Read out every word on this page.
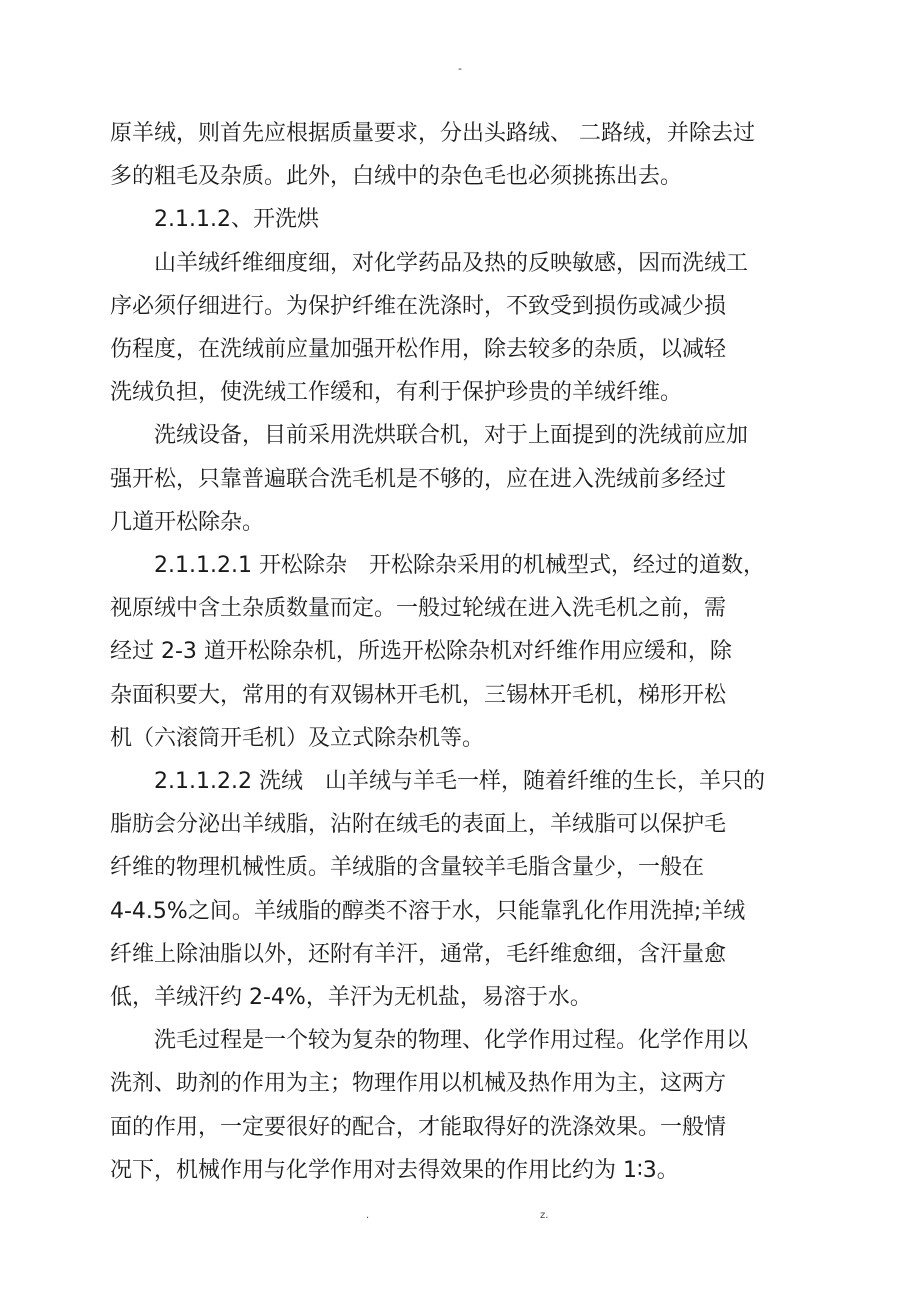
-

原羊绒，则首先应根据质量要求，分出头路绒、 二路绒，并除去过
多的粗毛及杂质。此外，白绒中的杂色毛也必须挑拣出去。

2.1.1.2、开洗烘

山羊绒纤维细度细，对化学药品及热的反映敏感，因而洗绒工
序必须仔细进行。为保护纤维在洗涤时，不致受到损伤或减少损
伤程度，在洗绒前应量加强开松作用，除去较多的杂质，以减轻
洗绒负担，使洗绒工作缓和，有利于保护珍贵的羊绒纤维。

洗绒设备，目前采用洗烘联合机，对于上面提到的洗绒前应加
强开松，只靠普遍联合洗毛机是不够的，应在进入洗绒前多经过
几道开松除杂。

2.1.1.2.1 开松除杂　开松除杂采用的机械型式，经过的道数，
视原绒中含土杂质数量而定。一般过轮绒在进入洗毛机之前，需
经过 2-3 道开松除杂机，所选开松除杂机对纤维作用应缓和，除
杂面积要大，常用的有双锡林开毛机，三锡林开毛机，梯形开松
机（六滚筒开毛机）及立式除杂机等。

2.1.1.2.2 洗绒　山羊绒与羊毛一样，随着纤维的生长，羊只的
脂肪会分泌出羊绒脂，沾附在绒毛的表面上，羊绒脂可以保护毛
纤维的物理机械性质。羊绒脂的含量较羊毛脂含量少，一般在
4-4.5%之间。羊绒脂的醇类不溶于水，只能靠乳化作用洗掉;羊绒
纤维上除油脂以外，还附有羊汗，通常，毛纤维愈细，含汗量愈
低，羊绒汗约 2-4%，羊汗为无机盐，易溶于水。

洗毛过程是一个较为复杂的物理、化学作用过程。化学作用以
洗剂、助剂的作用为主；物理作用以机械及热作用为主，这两方
面的作用，一定要很好的配合，才能取得好的洗涤效果。一般情
况下，机械作用与化学作用对去得效果的作用比约为 1∶3。

.	z.
